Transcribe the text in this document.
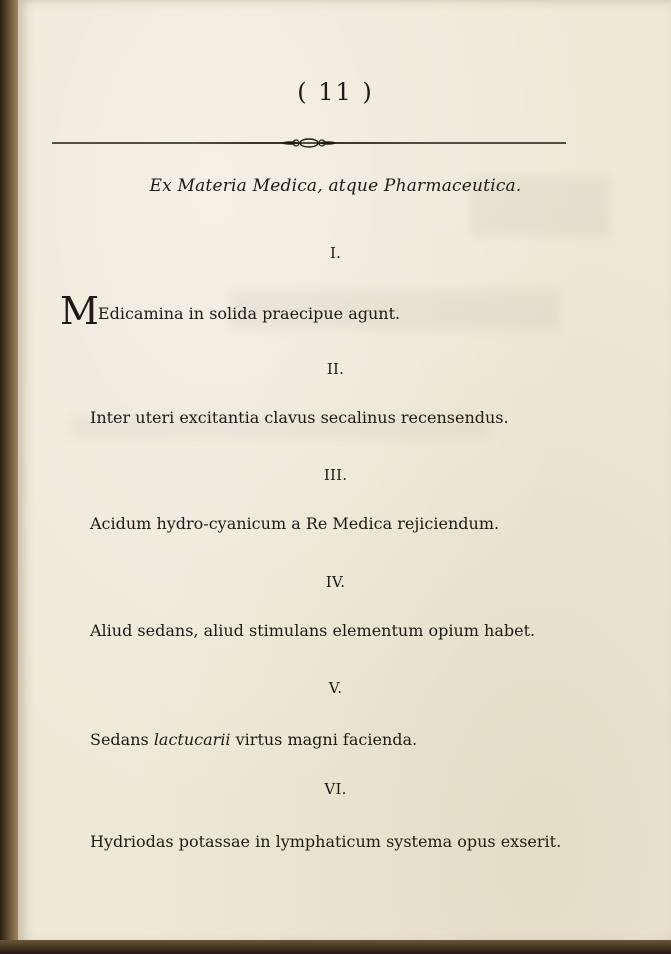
( 11 )
Ex Materia Medica, atque Pharmaceutica.
I.
MEdicamina in solida praecipue agunt.
II.
Inter uteri excitantia clavus secalinus recensendus.
III.
Acidum hydro-cyanicum a Re Medica rejiciendum.
IV.
Aliud sedans, aliud stimulans elementum opium habet.
V.
Sedans lactucarii virtus magni facienda.
VI.
Hydriodas potassae in lymphaticum systema opus exserit.
